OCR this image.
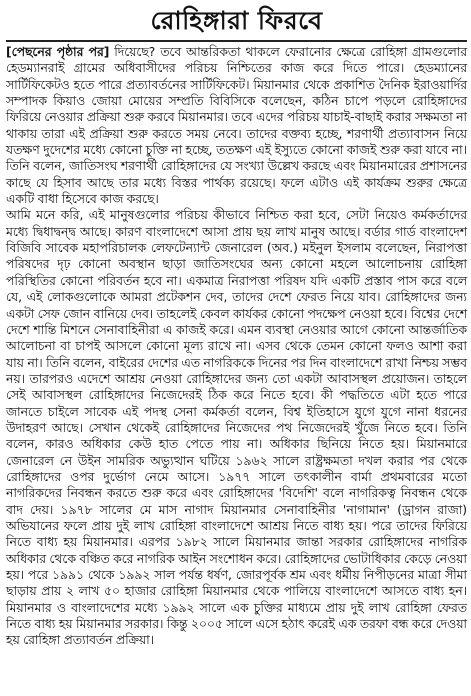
রোহিঙ্গারা ফিরবে

[পেছনের পৃষ্ঠার পর] দিয়েছে? তবে আন্তরিকতা থাকলে ফেরানোর ক্ষেত্রে রোহিঙ্গা গ্রামগুলোর হেডম্যানরাই গ্রামের অধিবাসীদের পরিচয় নিশ্চিতের কাজ করে দিতে পারে। হেডম্যানের সার্টিফিকেটও হতে পারে প্রত্যাবর্তনের সার্টিফিকেট। মিয়ানমার থেকে প্রকাশিত দৈনিক ইরাওয়ার্দির সম্পাদক কিয়াও জোয়া মোয়ের সম্প্রতি বিবিসিকে বলেছেন, কঠিন চাপে পড়লে রোহিঙ্গাদের ফিরিয়ে নেওয়ার প্রক্রিয়া শুরু করবে মিয়ানমার। তবে এদের পরিচয় যাচাই-বাছাই করার সক্ষমতা না থাকায় তারা এই প্রক্রিয়া শুরু করতে সময় নেবে। তাদের বক্তব্য হচ্ছে, শরণার্থী প্রত্যাবাসন নিয়ে যতক্ষণ দুদেশের মধ্যে কোনো চুক্তি না হচ্ছে, ততক্ষণ এই ইস্যুতে কোনো কাজই শুরু করা যাবে না। তিনি বলেন, জাতিসংঘ শরণার্থী রোহিঙ্গাদের যে সংখ্যা উল্লেখ করছে এবং মিয়ানমারের প্রশাসনের কাছে যে হিসাব আছে তার মধ্যে বিস্তর পার্থক্য রয়েছে। ফলে এটাও এই কার্যক্রম শুরুর ক্ষেত্রে একটি বাধা হিসেবে কাজ করছে।

আমি মনে করি, এই মানুষগুলোর পরিচয় কীভাবে নিশ্চিত করা হবে, সেটা নিয়েও কর্মকর্তাদের মধ্যে দ্বিধাদ্বন্দ্ব আছে। কারণ বাংলাদেশে আসা প্রায় ছয় লাখ মানুষ আছে। বর্ডার গার্ড বাংলাদেশ বিজিবি সাবেক মহাপরিচালক লেফটেন্যান্ট জেনারেল (অব.) মইনুল ইসলাম বলেছেন, নিরাপত্তা পরিষদের দৃঢ় কোনো অবস্থান ছাড়া জাতিসংঘের অন্য কোনো মহলে আলোচনায় রোহিঙ্গা পরিস্থিতির কোনো পরিবর্তন হবে না। একমাত্র নিরাপত্তা পরিষদ যদি একটি প্রস্তাব পাস করে বলে যে, এই লোকগুলোকে আমরা প্রটেকশন দেব, তাদের দেশে ফেরত নিয়ে যাব। রোহিঙ্গাদের জন্য একটা সেফ জোন বানিয়ে দেব। তাহলেই কেবল কার্যকর কোনো পদক্ষেপ নেওয়া হবে। বিশ্বের দেশে দেশে শান্তি মিশনে সেনাবাহিনীরা এ কাজই করে। এমন ব্যবস্থা নেওয়ার আগে কোনো আন্তর্জাতিক আলোচনা বা চাপই আসলে কোনো মূল্য রাখে না। এসব থেকে তেমন কোনো ফলও আশা করা যায় না। তিনি বলেন, বাইরের দেশের এত নাগরিককে দিনের পর দিন বাংলাদেশে রাখা নিশ্চয় সম্ভব নয়। তারপরও এদেশে আশ্রয় নেওয়া রোহিঙ্গাদের জন্য তো একটা আবাসস্থল প্রয়োজন। তাহলে সেই আবাসস্থল রোহিঙ্গাদের নিজেদেরই ঠিক করে নিতে হবে। কী পদ্ধতিতে এটা হতে পারে জানতে চাইলে সাবেক এই পদস্থ সেনা কর্মকর্তা বলেন, বিশ্ব ইতিহাসে যুগে যুগে নানা ধরনের উদাহরণ আছে। সেখান থেকেই রোহিঙ্গাদের নিজেদের পথ নিজেদেরই খুঁজে নিতে হবে। তিনি বলেন, কারও অধিকার কেউ হাত পেতে পায় না। অধিকার ছিনিয়ে নিতে হয়। মিয়ানমারে জেনারেল নে উইন সামরিক অভ্যুত্থান ঘটিয়ে ১৯৬২ সালে রাষ্ট্রক্ষমতা দখল করার পর থেকে রোহিঙ্গাদের ওপর দুর্ভোগ নেমে আসে। ১৯৭৭ সালে তৎকালীন বার্মা প্রথমবারের মতো নাগরিকদের নিবন্ধন করতে শুরু করে এবং রোহিঙ্গাদের 'বিদেশি' বলে নাগরিকত্ব নিবন্ধন থেকে বাদ দেয়। ১৯৭৮ সালের মে মাস নাগাদ মিয়ানমার সেনাবাহিনীর 'নাগামান' (ড্রাগন রাজা) অভিযানের ফলে প্রায় দুই লাখ রোহিঙ্গা বাংলাদেশে আশ্রয় নিতে বাধ্য হয়। পরে তাদের ফিরিয়ে নিতে বাধ্য হয় মিয়ানমার। এরপর ১৯৮২ সালে মিয়ানমার জান্তা সরকার রোহিঙ্গাদের নাগরিক অধিকার থেকে বঞ্চিত করে নাগরিক আইন সংশোধন করে। রোহিঙ্গাদের ভোটাধিকার কেড়ে নেওয়া হয়। পরে ১৯৯১ থেকে ১৯৯২ সাল পর্যন্ত ধর্ষণ, জোরপূর্বক শ্রম এবং ধর্মীয় নিপীড়নের মাত্রা সীমা ছাড়ায় প্রায় ২ লাখ ৫০ হাজার রোহিঙ্গা মিয়ানমার থেকে পালিয়ে বাংলাদেশে আসতে বাধ্য হন। মিয়ানমার ও বাংলাদেশের মধ্যে ১৯৯২ সালে এক চুক্তির মাধ্যমে প্রায় দুই লাখ রোহিঙ্গা ফেরত নিতে বাধ্য হয় মিয়ানমার সরকার। কিন্তু ২০০৫ সালে এসে হঠাৎ করেই এক তরফা বন্ধ করে দেওয়া হয় রোহিঙ্গা প্রত্যাবর্তন প্রক্রিয়া।
